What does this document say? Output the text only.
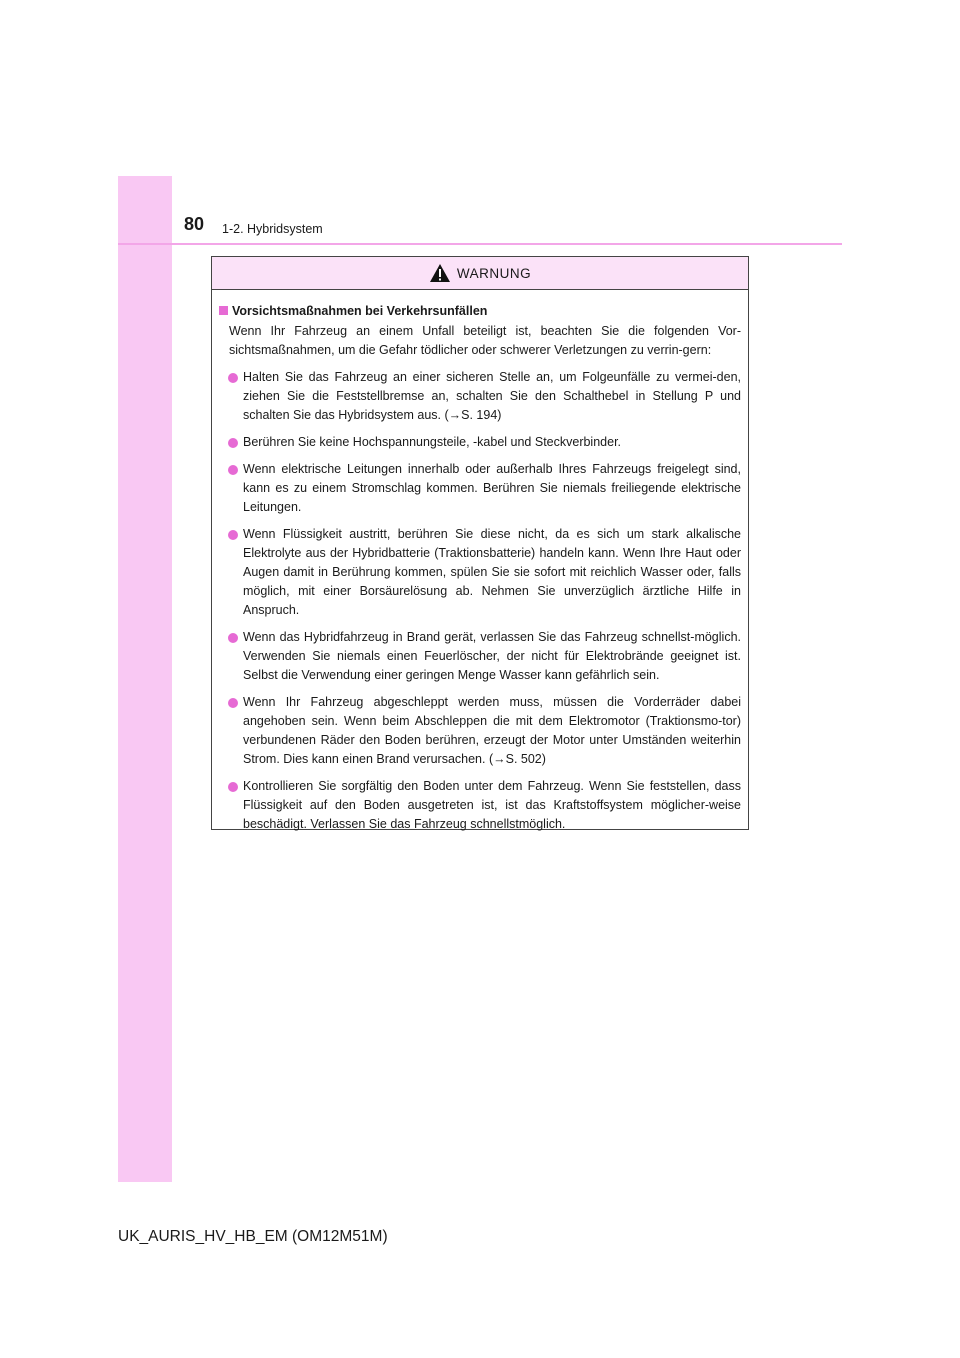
80 1-2. Hybridsystem
WARNUNG
Vorsichtsmaßnahmen bei Verkehrsunfällen

Wenn Ihr Fahrzeug an einem Unfall beteiligt ist, beachten Sie die folgenden Vor-sichtsmaßnahmen, um die Gefahr tödlicher oder schwerer Verletzungen zu verrin-gern:

Halten Sie das Fahrzeug an einer sicheren Stelle an, um Folgeunfälle zu vermei-den, ziehen Sie die Feststellbremse an, schalten Sie den Schalthebel in Stellung P und schalten Sie das Hybridsystem aus. (→S. 194)
Berühren Sie keine Hochspannungsteile, -kabel und Steckverbinder.
Wenn elektrische Leitungen innerhalb oder außerhalb Ihres Fahrzeugs freigelegt sind, kann es zu einem Stromschlag kommen. Berühren Sie niemals freiliegende elektrische Leitungen.
Wenn Flüssigkeit austritt, berühren Sie diese nicht, da es sich um stark alkalische Elektrolyte aus der Hybridbatterie (Traktionsbatterie) handeln kann. Wenn Ihre Haut oder Augen damit in Berührung kommen, spülen Sie sie sofort mit reichlich Wasser oder, falls möglich, mit einer Borsäurelösung ab. Nehmen Sie unverzüglich ärztliche Hilfe in Anspruch.
Wenn das Hybridfahrzeug in Brand gerät, verlassen Sie das Fahrzeug schnellst-möglich. Verwenden Sie niemals einen Feuerlöscher, der nicht für Elektrobrände geeignet ist. Selbst die Verwendung einer geringen Menge Wasser kann gefährlich sein.
Wenn Ihr Fahrzeug abgeschleppt werden muss, müssen die Vorderräder dabei angehoben sein. Wenn beim Abschleppen die mit dem Elektromotor (Traktionsmo-tor) verbundenen Räder den Boden berühren, erzeugt der Motor unter Umständen weiterhin Strom. Dies kann einen Brand verursachen. (→S. 502)
Kontrollieren Sie sorgfältig den Boden unter dem Fahrzeug. Wenn Sie feststellen, dass Flüssigkeit auf den Boden ausgetreten ist, ist das Kraftstoffsystem möglicher-weise beschädigt. Verlassen Sie das Fahrzeug schnellstmöglich.
UK_AURIS_HV_HB_EM (OM12M51M)
